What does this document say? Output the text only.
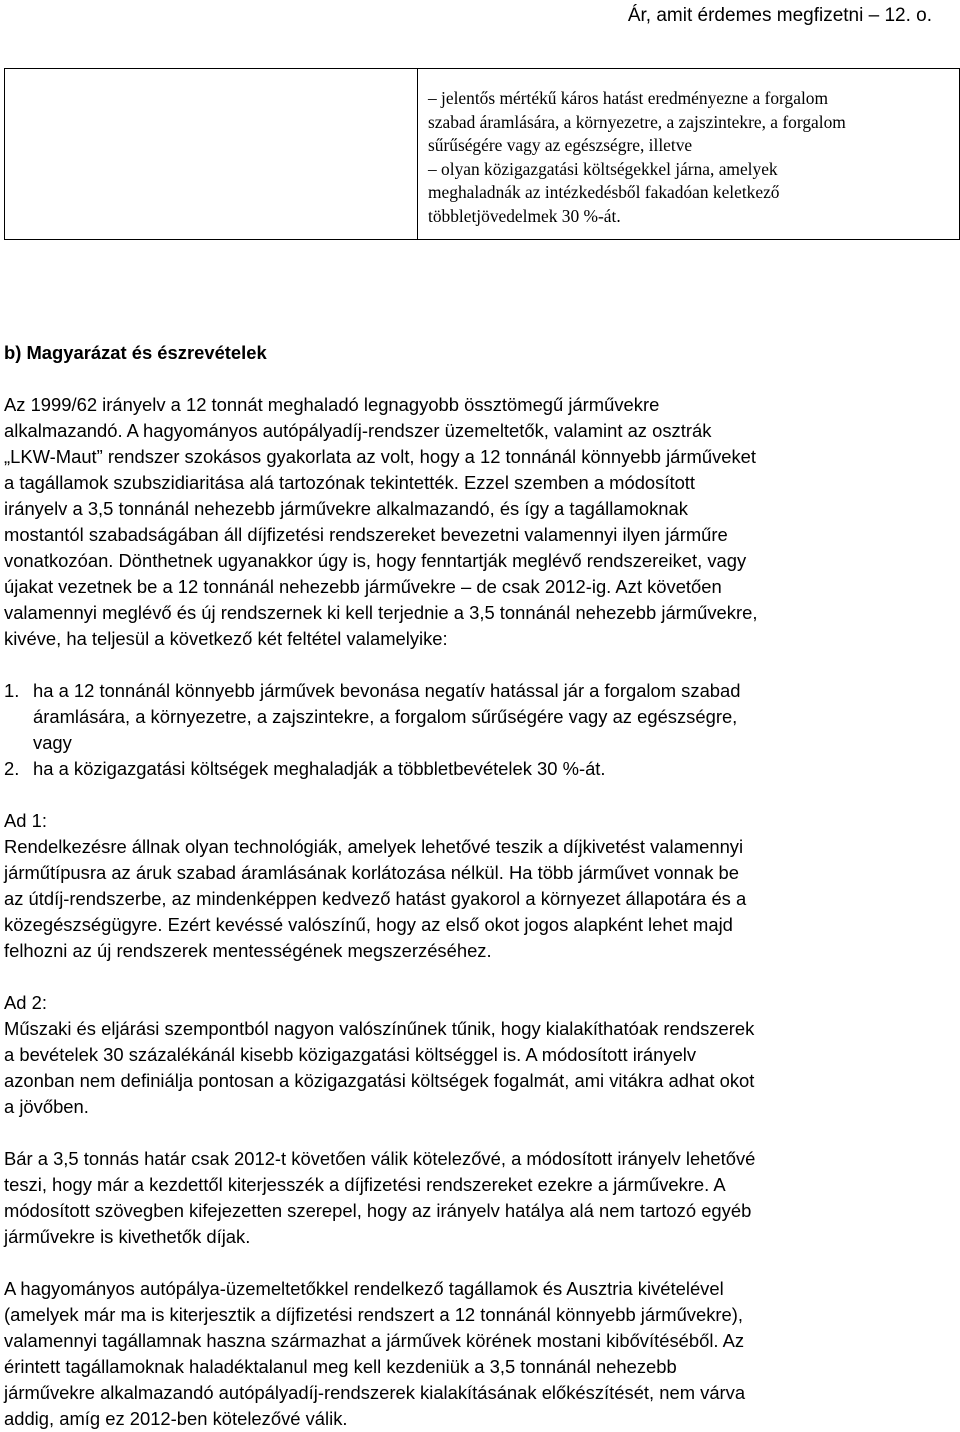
Ár, amit érdemes megfizetni – 12. o.

– jelentős mértékű káros hatást eredményezne a forgalom
szabad áramlására, a környezetre, a zajszintekre, a forgalom
sűrűségére vagy az egészségre, illetve
– olyan közigazgatási költségekkel járna, amelyek
meghaladnák az intézkedésből fakadóan keletkező
többletjövedelmek 30 %-át.
b) Magyarázat és észrevételek
Az 1999/62 irányelv a 12 tonnát meghaladó legnagyobb össztömegű járművekre
alkalmazandó. A hagyományos autópályadíj-rendszer üzemeltetők, valamint az osztrák
„LKW-Maut” rendszer szokásos gyakorlata az volt, hogy a 12 tonnánál könnyebb járműveket
a tagállamok szubszidiaritása alá tartozónak tekintették. Ezzel szemben a módosított
irányelv a 3,5 tonnánál nehezebb járművekre alkalmazandó, és így a tagállamoknak
mostantól szabadságában áll díjfizetési rendszereket bevezetni valamennyi ilyen járműre
vonatkozóan. Dönthetnek ugyanakkor úgy is, hogy fenntartják meglévő rendszereiket, vagy
újakat vezetnek be a 12 tonnánál nehezebb járművekre – de csak 2012-ig. Azt követően
valamennyi meglévő és új rendszernek ki kell terjednie a 3,5 tonnánál nehezebb járművekre,
kivéve, ha teljesül a következő két feltétel valamelyike:
1. ha a 12 tonnánál könnyebb járművek bevonása negatív hatással jár a forgalom szabad
áramlására, a környezetre, a zajszintekre, a forgalom sűrűségére vagy az egészségre,
vagy
2. ha a közigazgatási költségek meghaladják a többletbevételek 30 %-át.
Ad 1:
Rendelkezésre állnak olyan technológiák, amelyek lehetővé teszik a díjkivetést valamennyi
járműtípusra az áruk szabad áramlásának korlátozása nélkül. Ha több járművet vonnak be
az útdíj-rendszerbe, az mindenképpen kedvező hatást gyakorol a környezet állapotára és a
közegészségügyre. Ezért kevéssé valószínű, hogy az első okot jogos alapként lehet majd
felhozni az új rendszerek mentességének megszerzéséhez.
Ad 2:
Műszaki és eljárási szempontból nagyon valószínűnek tűnik, hogy kialakíthatóak rendszerek
a bevételek 30 százalékánál kisebb közigazgatási költséggel is. A módosított irányelv
azonban nem definiálja pontosan a közigazgatási költségek fogalmát, ami vitákra adhat okot
a jövőben.
Bár a 3,5 tonnás határ csak 2012-t követően válik kötelezővé, a módosított irányelv lehetővé
teszi, hogy már a kezdettől kiterjesszék a díjfizetési rendszereket ezekre a járművekre. A
módosított szövegben kifejezetten szerepel, hogy az irányelv hatálya alá nem tartozó egyéb
járművekre is kivethetők díjak.
A hagyományos autópálya-üzemeltetőkkel rendelkező tagállamok és Ausztria kivételével
(amelyek már ma is kiterjesztik a díjfizetési rendszert a 12 tonnánál könnyebb járművekre),
valamennyi tagállamnak haszna származhat a járművek körének mostani kibővítéséből. Az
érintett tagállamoknak haladéktalanul meg kell kezdeniük a 3,5 tonnánál nehezebb
járművekre alkalmazandó autópályadíj-rendszerek kialakításának előkészítését, nem várva
addig, amíg ez 2012-ben kötelezővé válik.
